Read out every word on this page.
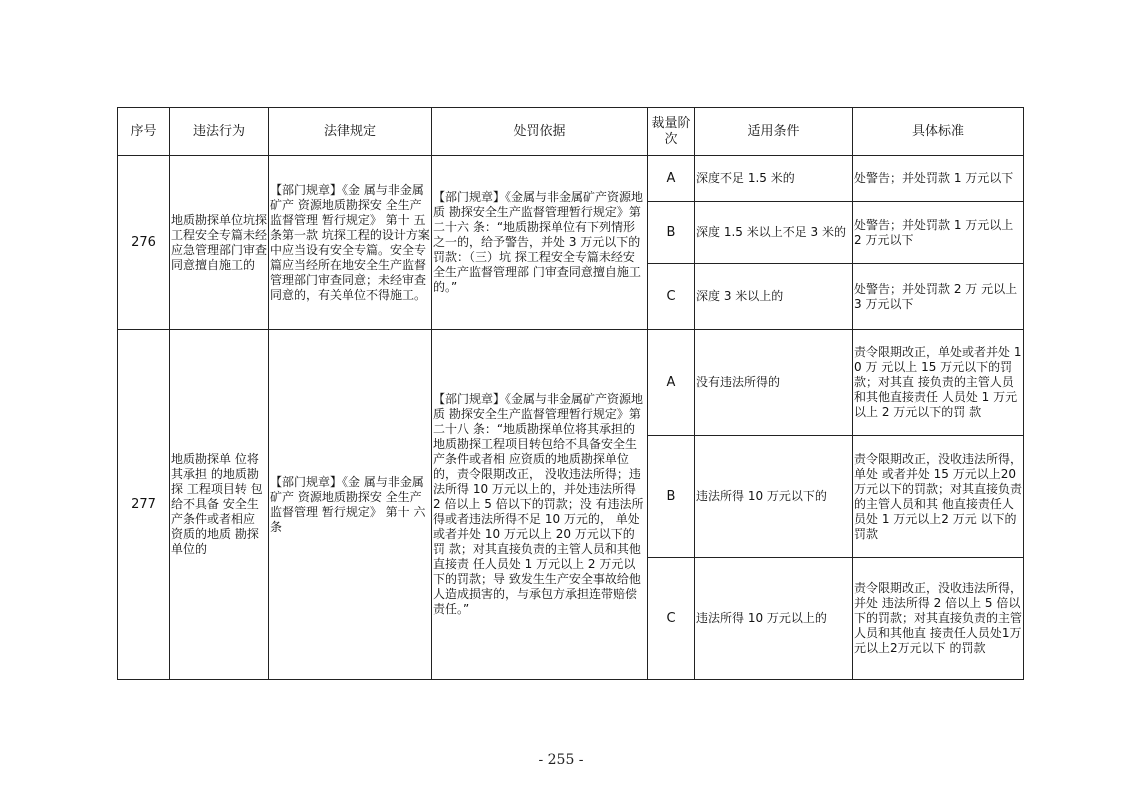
序号	违法行为	法律规定	处罚依据	裁量阶次	适用条件	具体标准
276	地质勘探单位坑探工程安全专篇未经应急管理部门审查同意擅自施工的	【部门规章】《金 属与非金属矿产 资源地质勘探安 全生产监督管理 暂行规定》 第十 五条第一款 坑探工程的设计方案中应当设有安全专篇。安全专篇应当经所在地安全生产监督管理部门审查同意；未经审查同意的，有关单位不得施工。	【部门规章】《金属与非金属矿产资源地质 勘探安全生产监督管理暂行规定》第二十六 条：“地质勘探单位有下列情形之一的，给予警告，并处 3 万元以下的罚款：（三）坑 探工程安全专篇未经安全生产监督管理部 门审查同意擅自施工的。”	A	深度不足 1.5 米的	处警告；并处罚款 1 万元以下
				B	深度 1.5 米以上不足 3 米的	处警告；并处罚款 1 万元以上 2 万元以下
				C	深度 3 米以上的	处警告；并处罚款 2 万 元以上 3 万元以下
277	地质勘探单 位将其承担 的地质勘探 工程项目转 包给不具备 安全生产条件或者相应 资质的地质 勘探单位的	【部门规章】《金 属与非金属矿产 资源地质勘探安 全生产监督管理 暂行规定》 第十 六条	【部门规章】《金属与非金属矿产资源地质 勘探安全生产监督管理暂行规定》第二十八 条：“地质勘探单位将其承担的地质勘探工程项目转包给不具备安全生产条件或者相 应资质的地质勘探单位的，责令限期改正， 没收违法所得；违法所得 10 万元以上的，并处违法所得 2 倍以上 5 倍以下的罚款；没 有违法所得或者违法所得不足 10 万元的， 单处或者并处 10 万元以上 20 万元以下的罚 款；对其直接负责的主管人员和其他直接责 任人员处 1 万元以上 2 万元以下的罚款；导 致发生生产安全事故给他人造成损害的，与承包方承担连带赔偿责任。”	A	没有违法所得的	责令限期改正，单处或者并处 10 万 元以上 15 万元以下的罚款；对其直 接负责的主管人员和其他直接责任 人员处 1 万元以上 2 万元以下的罚 款
				B	违法所得 10 万元以下的	责令限期改正，没收违法所得，单处 或者并处 15 万元以上20 万元以下的罚款；对其直接负责的主管人员和其 他直接责任人员处 1 万元以上2 万元 以下的罚款
				C	违法所得 10 万元以上的	责令限期改正，没收违法所得，并处 违法所得 2 倍以上 5 倍以下的罚款；对其直接负责的主管人员和其他直 接责任人员处1万元以上2万元以下 的罚款
- 255 -
